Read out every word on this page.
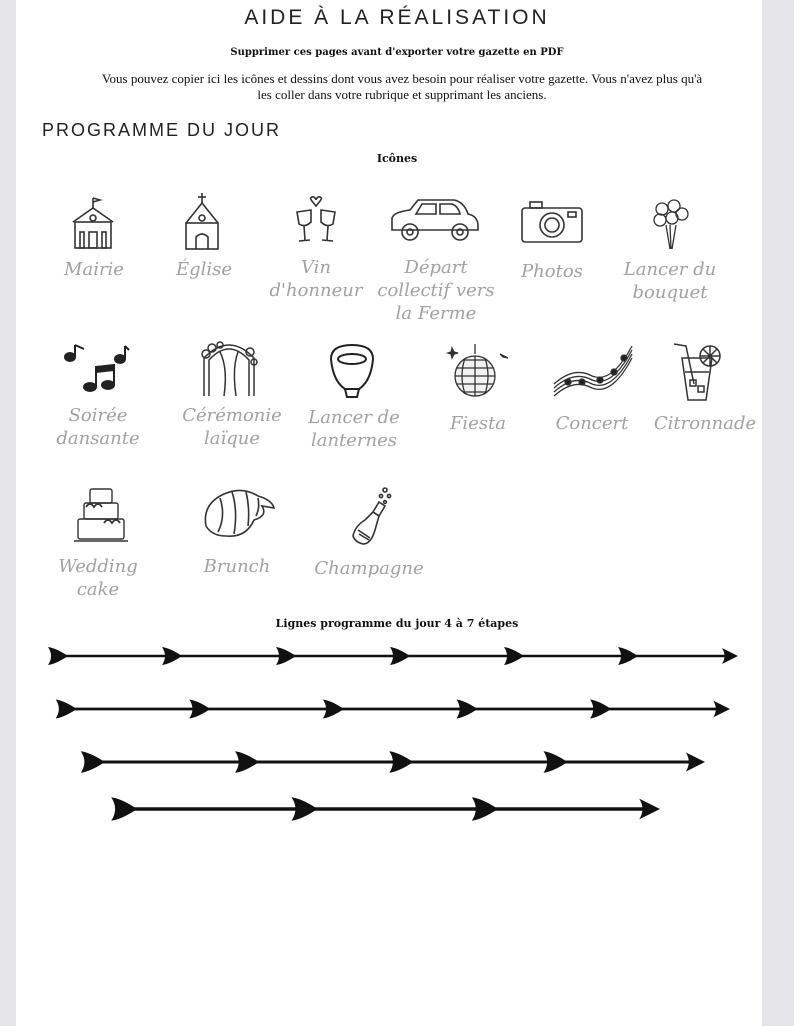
AIDE À LA RÉALISATION
Supprimer ces pages avant d'exporter votre gazette en PDF
Vous pouvez copier ici les icônes et dessins dont vous avez besoin pour réaliser votre gazette. Vous n'avez plus qu'à les coller dans votre rubrique et supprimant les anciens.
PROGRAMME DU JOUR
Icônes
Mairie	Église	Vin
d'honneur
Départ
collectif vers
la Ferme
Photos	Lancer du
bouquet
Soirée
dansante
Cérémonie
laïque
Lancer de
lanternes
Fiesta	Concert	Citronnade
Wedding
cake
Brunch	Champagne
Lignes programme du jour 4 à 7 étapes
